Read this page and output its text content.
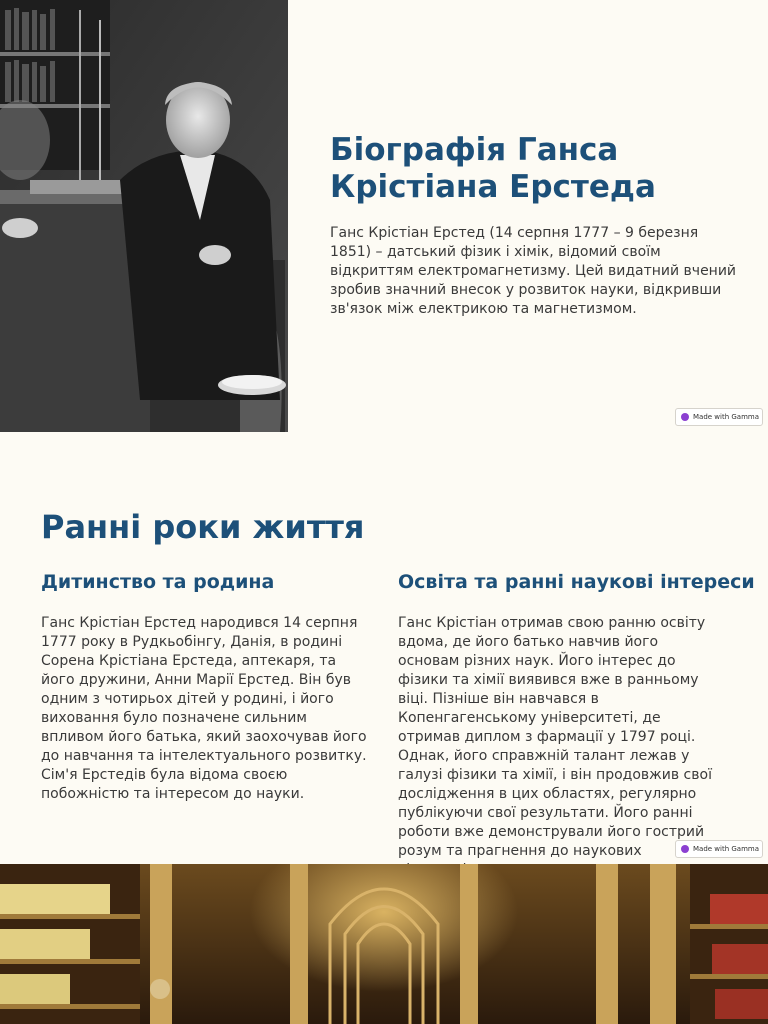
Біографія Ганса Крістіана Ерстеда

Ганс Крістіан Ерстед (14 серпня 1777 – 9 березня 1851) – датський фізик і хімік, відомий своїм відкриттям електромагнетизму. Цей видатний вчений зробив значний внесок у розвиток науки, відкривши зв'язок між електрикою та магнетизмом.

Made with Gamma
Ранні роки життя
Дитинство та родина

Ганс Крістіан Ерстед народився 14 серпня 1777 року в Рудкьобінгу, Данія, в родині Сорена Крістіана Ерстеда, аптекаря, та його дружини, Анни Марії Ерстед. Він був одним з чотирьох дітей у родині, і його виховання було позначене сильним впливом його батька, який заохочував його до навчання та інтелектуального розвитку. Сім'я Ерстедів була відома своєю побожністю та інтересом до науки.

Освіта та ранні наукові інтереси

Ганс Крістіан отримав свою ранню освіту вдома, де його батько навчив його основам різних наук. Його інтерес до фізики та хімії виявився вже в ранньому віці. Пізніше він навчався в Копенгагенському університеті, де отримав диплом з фармації у 1797 році. Однак, його справжній талант лежав у галузі фізики та хімії, і він продовжив свої дослідження в цих областях, регулярно публікуючи свої результати. Його ранні роботи вже демонстрували його гострий розум та прагнення до наукових	Made with Gamma
